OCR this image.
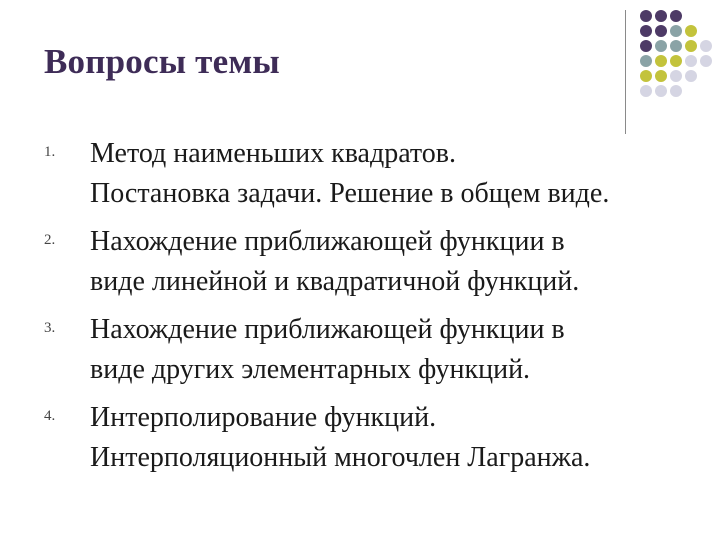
Вопросы темы
1. Метод наименьших квадратов.
Постановка задачи. Решение в общем виде.
2. Нахождение приближающей функции в
виде линейной и квадратичной функций.
3. Нахождение приближающей функции в
виде других элементарных функций.
4. Интерполирование функций.
Интерполяционный многочлен Лагранжа.
